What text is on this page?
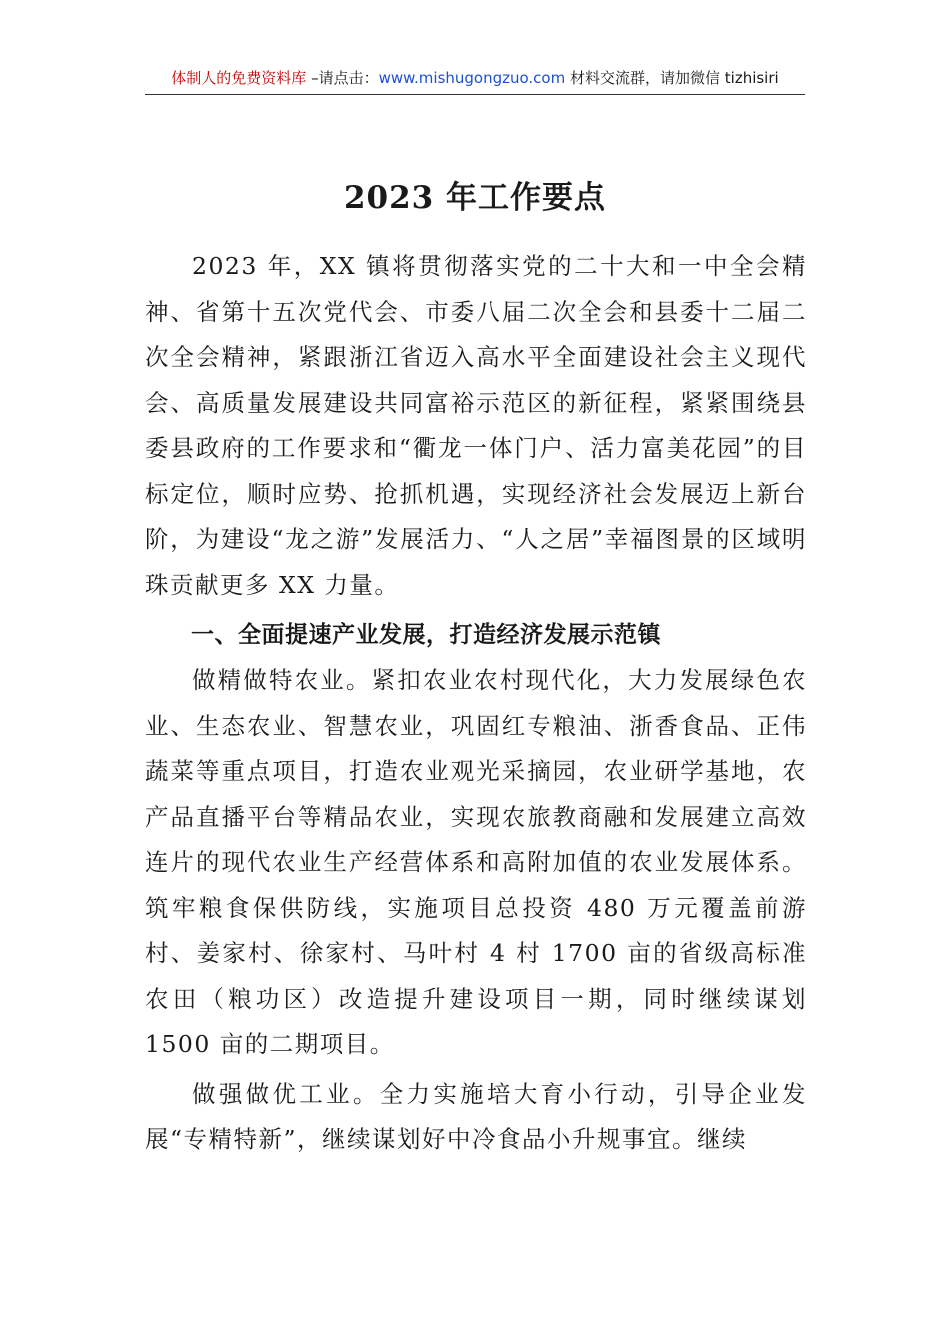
体制人的免费资料库 –请点击：www.mishugongzuo.com 材料交流群，请加微信 tizhisiri
2023 年工作要点

2023 年，XX 镇将贯彻落实党的二十大和一中全会精神、省第十五次党代会、市委八届二次全会和县委十二届二次全会精神，紧跟浙江省迈入高水平全面建设社会主义现代会、高质量发展建设共同富裕示范区的新征程，紧紧围绕县委县政府的工作要求和“衢龙一体门户、活力富美花园”的目标定位，顺时应势、抢抓机遇，实现经济社会发展迈上新台阶，为建设“龙之游”发展活力、“人之居”幸福图景的区域明珠贡献更多 XX 力量。

一、全面提速产业发展，打造经济发展示范镇

做精做特农业。紧扣农业农村现代化，大力发展绿色农业、生态农业、智慧农业，巩固红专粮油、浙香食品、正伟蔬菜等重点项目，打造农业观光采摘园，农业研学基地，农产品直播平台等精品农业，实现农旅教商融和发展建立高效连片的现代农业生产经营体系和高附加值的农业发展体系。筑牢粮食保供防线，实施项目总投资 480 万元覆盖前游村、姜家村、徐家村、马叶村 4 村 1700 亩的省级高标准农田（粮功区）改造提升建设项目一期，同时继续谋划 1500 亩的二期项目。

做强做优工业。全力实施培大育小行动，引导企业发展“专精特新”，继续谋划好中冷食品小升规事宜。继续
